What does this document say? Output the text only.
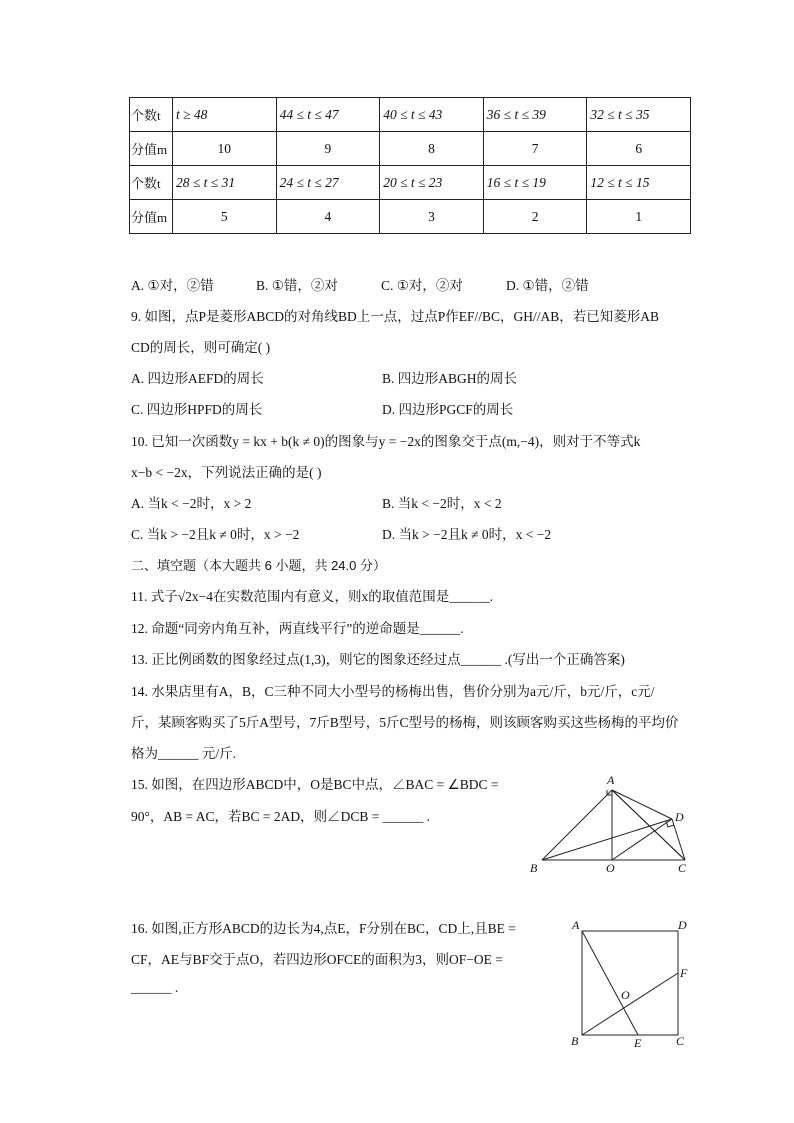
个数t	t ≥ 48	44 ≤ t ≤ 47	40 ≤ t ≤ 43	36 ≤ t ≤ 39	32 ≤ t ≤ 35
分值m	10	9	8	7	6
个数t	28 ≤ t ≤ 31	24 ≤ t ≤ 27	20 ≤ t ≤ 23	16 ≤ t ≤ 19	12 ≤ t ≤ 15
分值m	5	4	3	2	1
A. ①对，②错	B. ①错，②对	C. ①对，②对	D. ①错，②错
9. 如图，点P是菱形ABCD的对角线BD上一点，过点P作EF//BC，GH//AB，若已知菱形AB
CD的周长，则可确定( )
A. 四边形AEFD的周长	B. 四边形ABGH的周长
C. 四边形HPFD的周长	D. 四边形PGCF的周长
10. 已知一次函数y = kx + b(k ≠ 0)的图象与y = −2x的图象交于点(m,−4)，则对于不等式k
x−b < −2x，下列说法正确的是( )
A. 当k < −2时，x > 2	B. 当k < −2时，x < 2
C. 当k > −2且k ≠ 0时，x > −2	D. 当k > −2且k ≠ 0时，x < −2
二、填空题（本大题共 6 小题，共 24.0 分）
11. 式子√2x−4在实数范围内有意义，则x的取值范围是______.
12. 命题“同旁内角互补，两直线平行”的逆命题是______.
13. 正比例函数的图象经过点(1,3)，则它的图象还经过点______ .(写出一个正确答案)
14. 水果店里有A，B，C三种不同大小型号的杨梅出售，售价分别为a元/斤，b元/斤，c元/
斤，某顾客购买了5斤A型号，7斤B型号，5斤C型号的杨梅，则该顾客购买这些杨梅的平均价
格为______ 元/斤.
15. 如图，在四边形ABCD中，O是BC中点，∠BAC = ∠BDC =
90°，AB = AC，若BC = 2AD，则∠DCB = ______ .
A
B	C
D
O
16. 如图,正方形ABCD的边长为4,点E，F分别在BC，CD上,且BE =
CF，AE与BF交于点O，若四边形OFCE的面积为3，则OF−OE =
______ .
A	D
B	C
E
F
O
